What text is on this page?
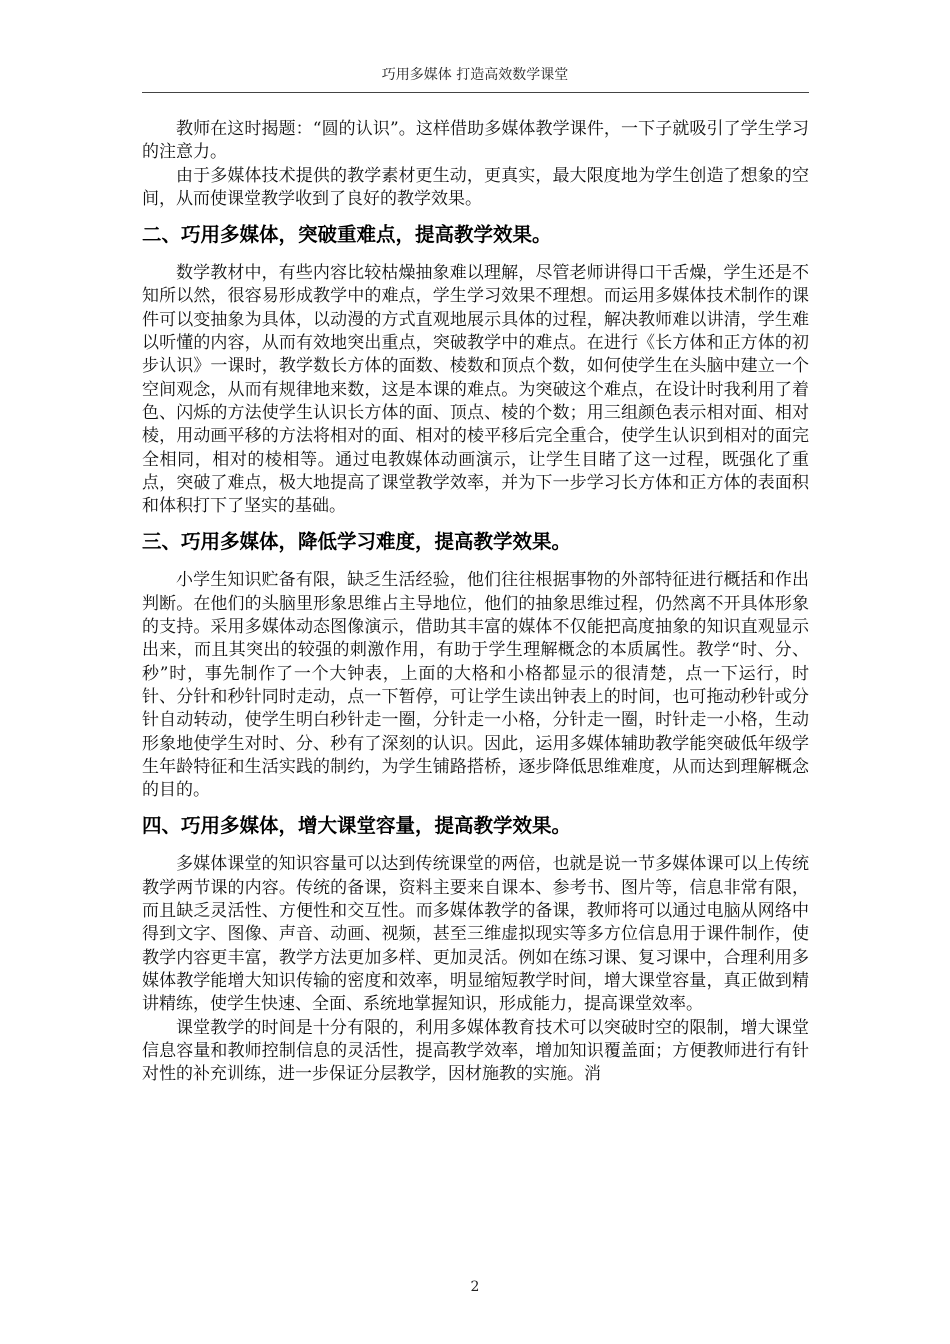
巧用多媒体 打造高效数学课堂

教师在这时揭题：“圆的认识”。这样借助多媒体教学课件，一下子就吸引了学生学习的注意力。

由于多媒体技术提供的教学素材更生动，更真实，最大限度地为学生创造了想象的空间，从而使课堂教学收到了良好的教学效果。

二、巧用多媒体，突破重难点，提高教学效果。

数学教材中，有些内容比较枯燥抽象难以理解，尽管老师讲得口干舌燥，学生还是不知所以然，很容易形成教学中的难点，学生学习效果不理想。而运用多媒体技术制作的课件可以变抽象为具体，以动漫的方式直观地展示具体的过程，解决教师难以讲清，学生难以听懂的内容，从而有效地突出重点，突破教学中的难点。在进行《长方体和正方体的初步认识》一课时，教学数长方体的面数、棱数和顶点个数，如何使学生在头脑中建立一个空间观念，从而有规律地来数，这是本课的难点。为突破这个难点，在设计时我利用了着色、闪烁的方法使学生认识长方体的面、顶点、棱的个数；用三组颜色表示相对面、相对棱，用动画平移的方法将相对的面、相对的棱平移后完全重合，使学生认识到相对的面完全相同，相对的棱相等。通过电教媒体动画演示，让学生目睹了这一过程，既强化了重点，突破了难点，极大地提高了课堂教学效率，并为下一步学习长方体和正方体的表面积和体积打下了坚实的基础。

三、巧用多媒体，降低学习难度，提高教学效果。

小学生知识贮备有限，缺乏生活经验，他们往往根据事物的外部特征进行概括和作出判断。在他们的头脑里形象思维占主导地位，他们的抽象思维过程，仍然离不开具体形象的支持。采用多媒体动态图像演示，借助其丰富的媒体不仅能把高度抽象的知识直观显示出来，而且其突出的较强的刺激作用，有助于学生理解概念的本质属性。教学“时、分、秒”时，事先制作了一个大钟表，上面的大格和小格都显示的很清楚，点一下运行，时针、分针和秒针同时走动，点一下暂停，可让学生读出钟表上的时间，也可拖动秒针或分针自动转动，使学生明白秒针走一圈，分针走一小格，分针走一圈，时针走一小格，生动形象地使学生对时、分、秒有了深刻的认识。因此，运用多媒体辅助教学能突破低年级学生年龄特征和生活实践的制约，为学生铺路搭桥，逐步降低思维难度，从而达到理解概念的目的。

四、巧用多媒体，增大课堂容量，提高教学效果。

多媒体课堂的知识容量可以达到传统课堂的两倍，也就是说一节多媒体课可以上传统教学两节课的内容。传统的备课，资料主要来自课本、参考书、图片等，信息非常有限，而且缺乏灵活性、方便性和交互性。而多媒体教学的备课，教师将可以通过电脑从网络中得到文字、图像、声音、动画、视频，甚至三维虚拟现实等多方位信息用于课件制作，使教学内容更丰富，教学方法更加多样、更加灵活。例如在练习课、复习课中，合理利用多媒体教学能增大知识传输的密度和效率，明显缩短教学时间，增大课堂容量，真正做到精讲精练，使学生快速、全面、系统地掌握知识，形成能力，提高课堂效率。

课堂教学的时间是十分有限的，利用多媒体教育技术可以突破时空的限制，增大课堂信息容量和教师控制信息的灵活性，提高教学效率，增加知识覆盖面；方便教师进行有针对性的补充训练，进一步保证分层教学，因材施教的实施。消

2
